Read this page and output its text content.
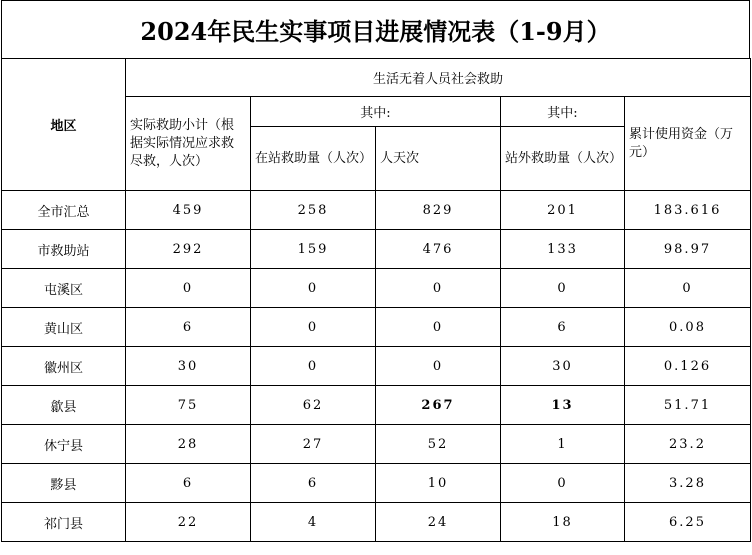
2024年民生实事项目进展情况表（1-9月）
地区	生活无着人员社会救助				
	实际救助小计（根据实际情况应求救尽救，人次）	其中:		其中:	累计使用资金（万元）
		在站救助量（人次）	人天次	站外救助量（人次）	
全市汇总	459	258	829	201	183.616
市救助站	292	159	476	133	98.97
屯溪区	0	0	0	0	0
黄山区	6	0	0	6	0.08
徽州区	30	0	0	30	0.126
歙县	75	62	267	13	51.71
休宁县	28	27	52	1	23.2
黟县	6	6	10	0	3.28
祁门县	22	4	24	18	6.25
